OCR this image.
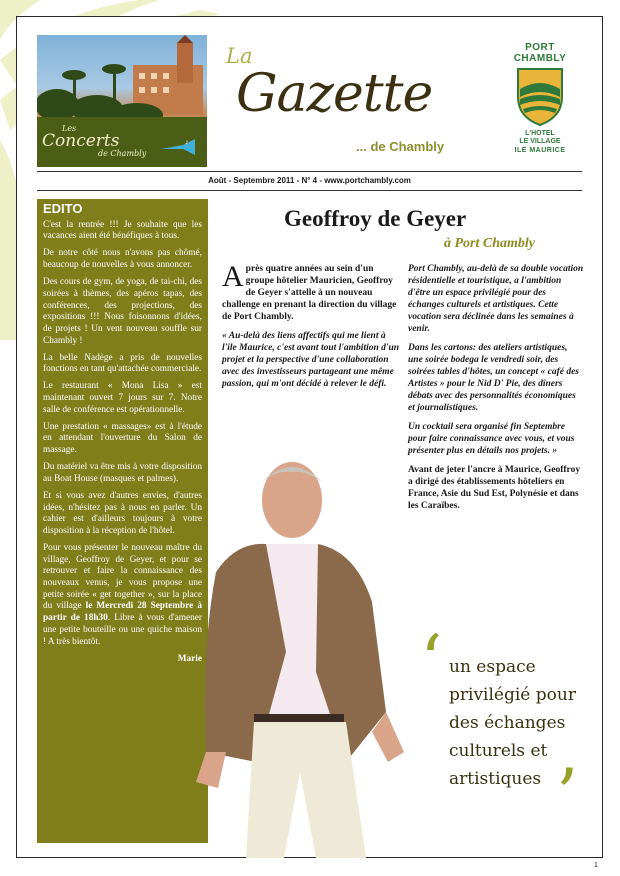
Les
Concerts
de Chambly
♪
La
Gazette
... de Chambly
PORT
CHAMBLY
L'HOTEL
LE VILLAGE
ILE MAURICE
Août - Septembre 2011 - N° 4 - www.portchambly.com
EDITO

C'est la rentrée !!! Je souhaite que les vacances aient été bénéfiques à tous.

De notre côté nous n'avons pas chômé, beaucoup de nouvelles à vous annoncer.

Des cours de gym, de yoga, de tai-chi, des soirées à thèmes, des apéros tapas, des conférences, des projections, des expositions !!! Nous foisonnons d'idées, de projets ! Un vent nouveau souffle sur Chambly !

La belle Nadège a pris de nouvelles fonctions en tant qu'attachée commerciale.

Le restaurant « Mona Lisa » est maintenant ouvert 7 jours sur 7. Notre salle de conférence est opérationnelle.

Une prestation « massages» est à l'étude en attendant l'ouverture du Salon de massage.

Du matériel va être mis à votre disposition au Boat House (masques et palmes).

Et si vous avez d'autres envies, d'autres idées, n'hésitez pas à nous en parler. Un cahier est d'ailleurs toujours à votre disposition à la réception de l'hôtel.

Pour vous présenter le nouveau maître du village, Geoffroy de Geyer, et pour se retrouver et faire la connaissance des nouveaux venus, je vous propose une petite soirée « get together », sur la place du village le Mercredi 28 Septembre à partir de 18h30. Libre à vous d'amener une petite bouteille ou une quiche maison ! A très bientôt.

Marie
Geoffroy de Geyer
à Port Chambly

Après quatre années au sein d'un groupe hôtelier Mauricien, Geoffroy de Geyer s'attelle à un nouveau challenge en prenant la direction du village de Port Chambly.

« Au-delà des liens affectifs qui me lient à l'île Maurice, c'est avant tout l'ambition d'un projet et la perspective d'une collaboration avec des investisseurs partageant une même passion, qui m'ont décidé à relever le défi.

Port Chambly, au-delà de sa double vocation résidentielle et touristique, a l'ambition d'être un espace privilégié pour des échanges culturels et artistiques. Cette vocation sera déclinée dans les semaines à venir.

Dans les cartons: des ateliers artistiques, une soirée bodega le vendredi soir, des soirées tables d'hôtes, un concept « café des Artistes » pour le Nid D' Pie, des dîners débats avec des personnalités économiques et journalistiques.

Un cocktail sera organisé fin Septembre pour faire connaissance avec vous, et vous présenter plus en détails nos projets. »

Avant de jeter l'ancre à Maurice, Geoffroy a dirigé des établissements hôteliers en France, Asie du Sud Est, Polynésie et dans les Caraïbes.

‘ un espace
privilégié pour
des échanges
culturels et
artistiques ’
1
